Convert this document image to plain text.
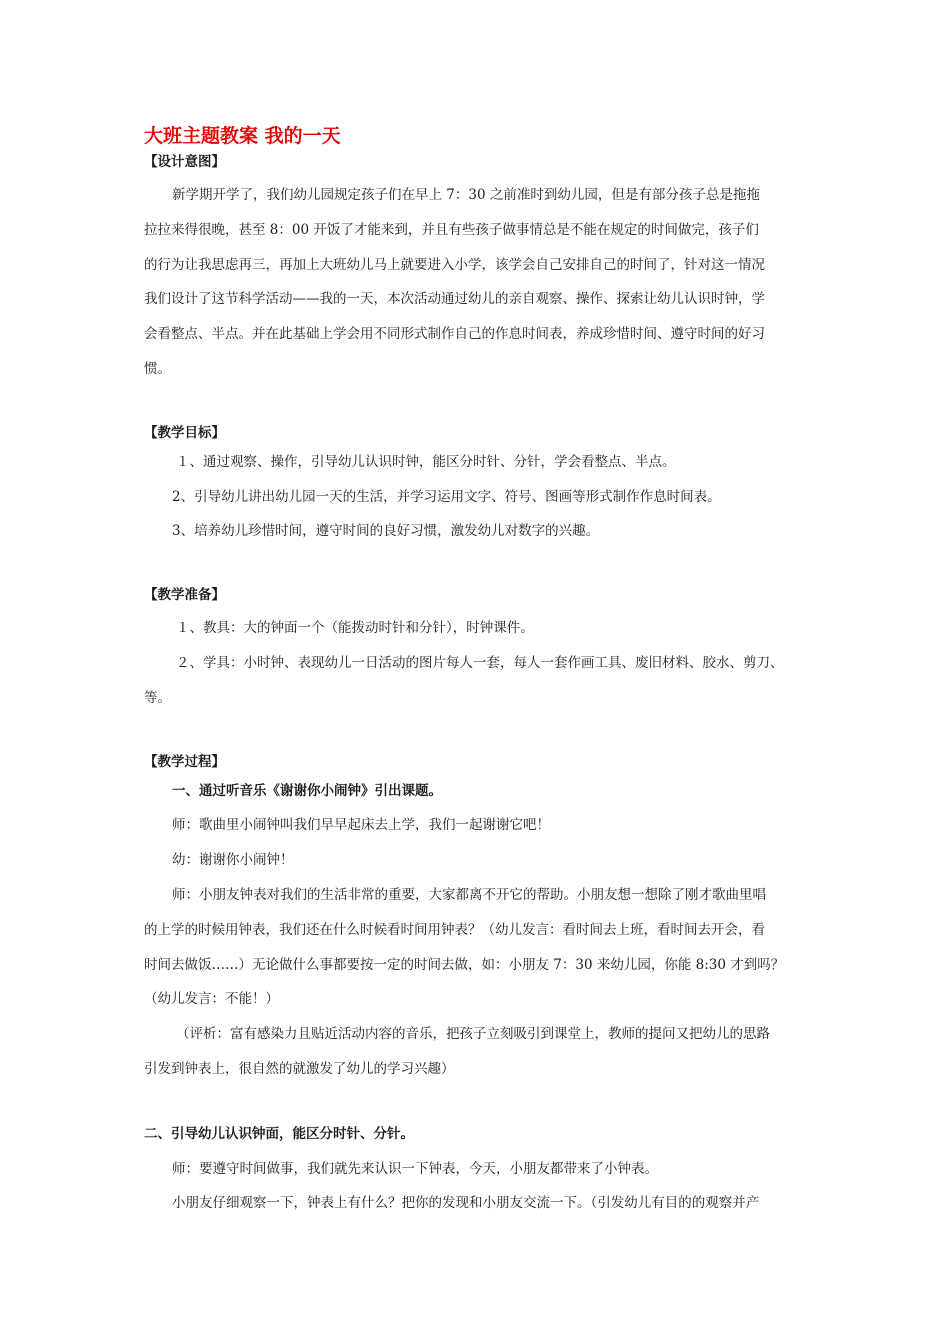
大班主题教案 我的一天

【设计意图】

新学期开学了，我们幼儿园规定孩子们在早上 7：30 之前准时到幼儿园，但是有部分孩子总是拖拖

拉拉来得很晚，甚至 8：00 开饭了才能来到，并且有些孩子做事情总是不能在规定的时间做完，孩子们

的行为让我思虑再三，再加上大班幼儿马上就要进入小学，该学会自己安排自己的时间了，针对这一情况

我们设计了这节科学活动——我的一天，本次活动通过幼儿的亲自观察、操作、探索让幼儿认识时钟，学

会看整点、半点。并在此基础上学会用不同形式制作自己的作息时间表，养成珍惜时间、遵守时间的好习

惯。

【教学目标】

１、通过观察、操作，引导幼儿认识时钟，能区分时针、分针，学会看整点、半点。

2、引导幼儿讲出幼儿园一天的生活，并学习运用文字、符号、图画等形式制作作息时间表。

3、培养幼儿珍惜时间，遵守时间的良好习惯，激发幼儿对数字的兴趣。

【教学准备】

１、教具：大的钟面一个（能拨动时针和分针），时钟课件。

２、学具：小时钟、表现幼儿一日活动的图片每人一套，每人一套作画工具、废旧材料、胶水、剪刀、

等。

【教学过程】

一、通过听音乐《谢谢你小闹钟》引出课题。

师：歌曲里小闹钟叫我们早早起床去上学，我们一起谢谢它吧！

幼：谢谢你小闹钟！

师：小朋友钟表对我们的生活非常的重要，大家都离不开它的帮助。小朋友想一想除了刚才歌曲里唱

的上学的时候用钟表，我们还在什么时候看时间用钟表？（幼儿发言：看时间去上班，看时间去开会，看

时间去做饭……）无论做什么事都要按一定的时间去做，如：小朋友 7：30 来幼儿园，你能 8:30 才到吗？

（幼儿发言：不能！）

（评析：富有感染力且贴近活动内容的音乐，把孩子立刻吸引到课堂上，教师的提问又把幼儿的思路

引发到钟表上，很自然的就激发了幼儿的学习兴趣）

二、引导幼儿认识钟面，能区分时针、分针。

师：要遵守时间做事，我们就先来认识一下钟表，今天，小朋友都带来了小钟表。

小朋友仔细观察一下，钟表上有什么？把你的发现和小朋友交流一下。（引发幼儿有目的的观察并产
